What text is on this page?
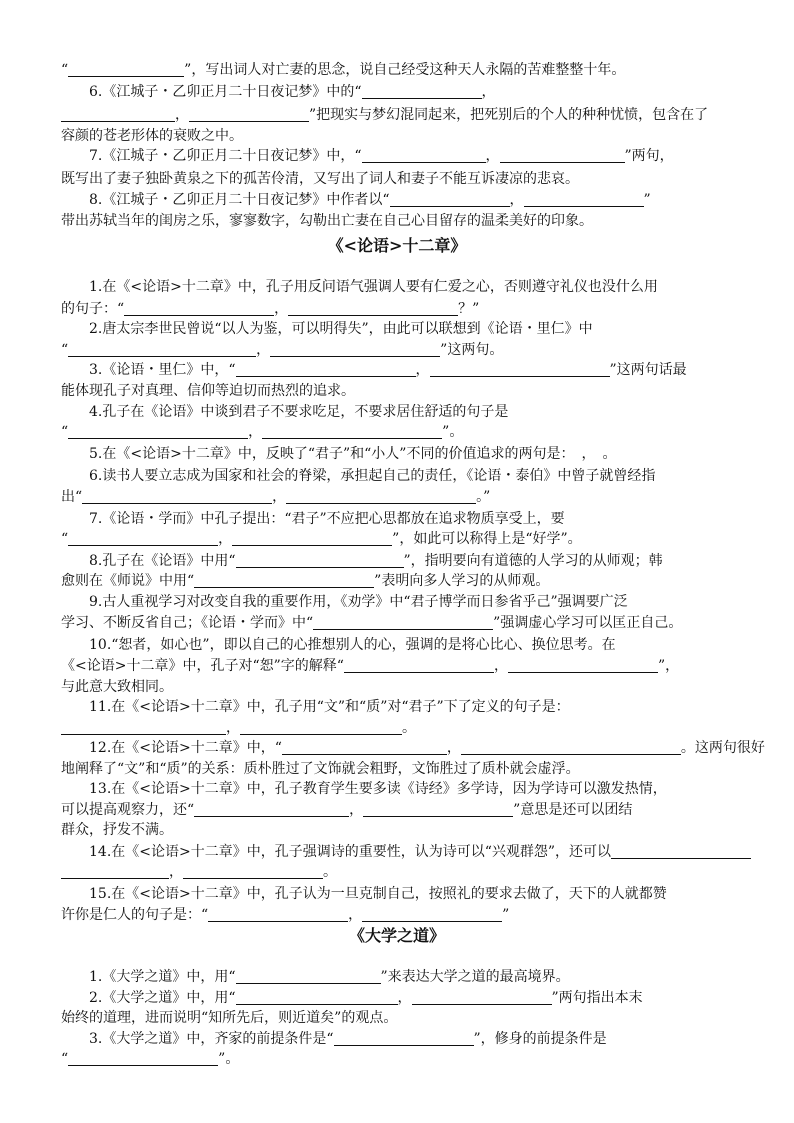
“	”，写出词人对亡妻的思念，说自己经受这种天人永隔的苦难整整十年。

　　6.《江城子・乙卯正月二十日夜记梦》中的“	，

，	”把现实与梦幻混同起来，把死别后的个人的种种忧愤，包含在了

容颜的苍老形体的衰败之中。

　　7.《江城子・乙卯正月二十日夜记梦》中，“	，	”两句，

既写出了妻子独卧黄泉之下的孤苦伶清，又写出了词人和妻子不能互诉凄凉的悲哀。

　　8.《江城子・乙卯正月二十日夜记梦》中作者以“	，	”

带出苏轼当年的闺房之乐，寥寥数字，勾勒出亡妻在自己心目留存的温柔美好的印象。

　　1.在《<论语>十二章》中，孔子用反问语气强调人要有仁爱之心，否则遵守礼仪也没什么用

的句子：“	，	？”

　　2.唐太宗李世民曾说“以人为鉴，可以明得失”，由此可以联想到《论语・里仁》中

“	，	”这两句。

　　3.《论语・里仁》中，“	，	”这两句话最

能体现孔子对真理、信仰等迫切而热烈的追求。

　　4.孔子在《论语》中谈到君子不要求吃足，不要求居住舒适的句子是

“	，	”。

　　5.在《<论语>十二章》中，反映了“君子”和“小人”不同的价值追求的两句是：　，　。

　　6.读书人要立志成为国家和社会的脊梁，承担起自己的责任，《论语・泰伯》中曾子就曾经指

出“	，	。”

　　7.《论语・学而》中孔子提出：“君子”不应把心思都放在追求物质享受上，要

“	，	”，如此可以称得上是“好学”。

　　8.孔子在《论语》中用“	”，指明要向有道德的人学习的从师观；韩

愈则在《师说》中用“	”表明向多人学习的从师观。

　　9.古人重视学习对改变自我的重要作用，《劝学》中“君子博学而日参省乎己”强调要广泛

学习、不断反省自己；《论语・学而》中“	”强调虚心学习可以匡正自己。

　　10.“恕者，如心也”，即以自己的心推想别人的心，强调的是将心比心、换位思考。在

《<论语>十二章》中，孔子对“恕”字的解释“	，	”，

与此意大致相同。

　　11.在《<论语>十二章》中，孔子用“文”和“质”对“君子”下了定义的句子是：

，	。

　　12.在《<论语>十二章》中，“	，	。这两句很好

地阐释了“文”和“质”的关系：质朴胜过了文饰就会粗野，文饰胜过了质朴就会虚浮。

　　13.在《<论语>十二章》中，孔子教育学生要多读《诗经》多学诗，因为学诗可以激发热情，

可以提高观察力，还“	，	”意思是还可以团结

群众，抒发不满。

　　14.在《<论语>十二章》中，孔子强调诗的重要性，认为诗可以“兴观群怨”，还可以

，	。

　　15.在《<论语>十二章》中，孔子认为一旦克制自己，按照礼的要求去做了，天下的人就都赞

许你是仁人的句子是：“	，	”

　　1.《大学之道》中，用“	”来表达大学之道的最高境界。

　　2.《大学之道》中，用“	，	”两句指出本末

始终的道理，进而说明“知所先后，则近道矣”的观点。

　　3.《大学之道》中，齐家的前提条件是“	”，修身的前提条件是

“	”。

《<论语>十二章》
《大学之道》
